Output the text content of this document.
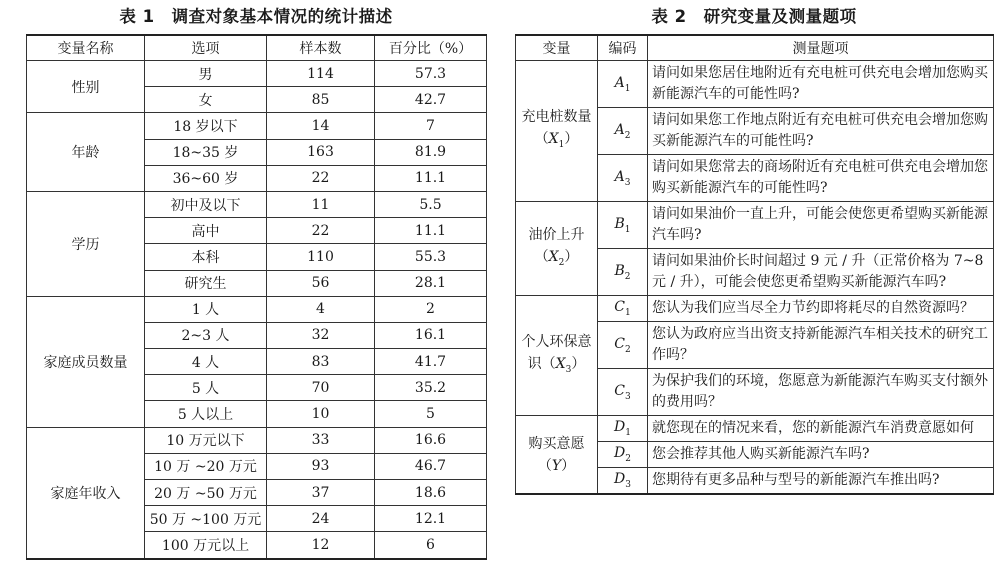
表 1　调查对象基本情况的统计描述
变量名称	选项	样本数	百分比（%）
性别	男	114	57.3
	女	85	42.7
年龄	18 岁以下	14	7
	18~35 岁	163	81.9
	36~60 岁	22	11.1
学历	初中及以下	11	5.5
	高中	22	11.1
	本科	110	55.3
	研究生	56	28.1
家庭成员数量	1 人	4	2
	2~3 人	32	16.1
	4 人	83	41.7
	5 人	70	35.2
	5 人以上	10	5
家庭年收入	10 万元以下	33	16.6
	10 万 ~20 万元	93	46.7
	20 万 ~50 万元	37	18.6
	50 万 ~100 万元	24	12.1
	100 万元以上	12	6
表 2　研究变量及测量题项
变量	编码	测量题项
充电桩数量$(X_1)$	$A_1$	请问如果您居住地附近有充电桩可供充电会增加您购买新能源汽车的可能性吗?
	$A_2$	请问如果您工作地点附近有充电桩可供充电会增加您购买新能源汽车的可能性吗?
	$A_3$	请问如果您常去的商场附近有充电桩可供充电会增加您购买新能源汽车的可能性吗?
油价上升$(X_2)$	$B_1$	请问如果油价一直上升，可能会使您更希望购买新能源汽车吗?
	$B_2$	请问如果油价长时间超过 9 元 / 升（正常价格为 7~8 元 / 升），可能会使您更希望购买新能源汽车吗?
个人环保意识$(X_3)$	$C_1$	您认为我们应当尽全力节约即将耗尽的自然资源吗？
	$C_2$	您认为政府应当出资支持新能源汽车相关技术的研究工作吗？
	$C_3$	为保护我们的环境，您愿意为新能源汽车购买支付额外的费用吗？
购买意愿（Y）	$D_1$	就您现在的情况来看，您的新能源汽车消费意愿如何
	$D_2$	您会推荐其他人购买新能源汽车吗?
	$D_3$	您期待有更多品种与型号的新能源汽车推出吗?
